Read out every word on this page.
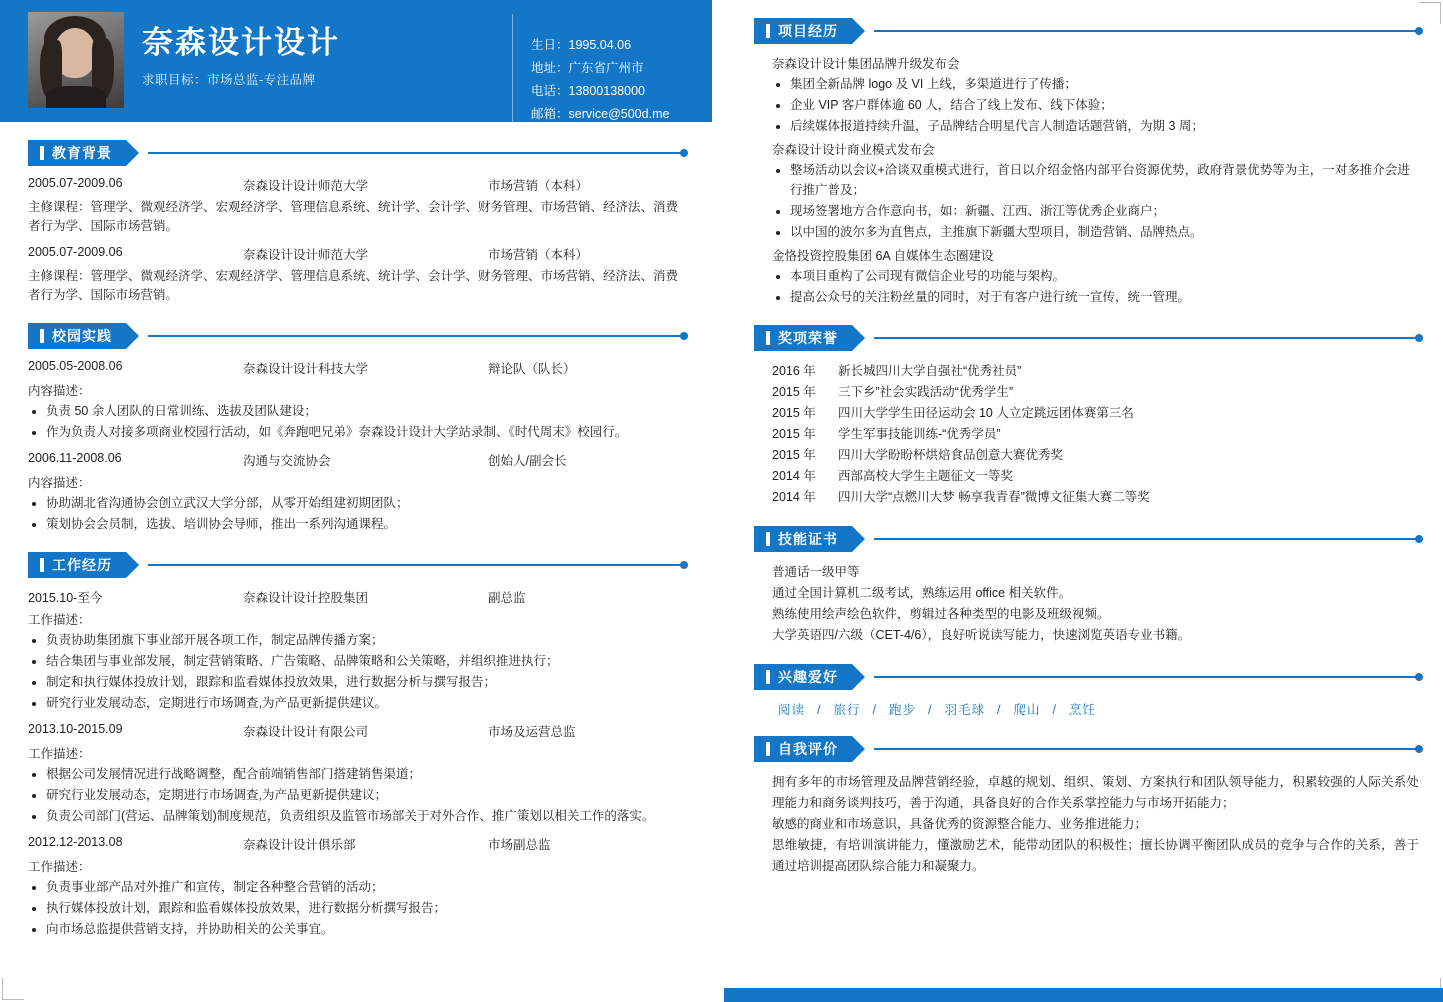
奈森设计设计
求职目标：市场总监-专注品牌
生日：1995.04.06
地址：广东省广州市
电话：13800138000
邮箱：service@500d.me
教育背景
2005.07-2009.06	奈森设计设计师范大学	市场营销（本科）
主修课程：管理学、微观经济学、宏观经济学、管理信息系统、统计学、会计学、财务管理、市场营销、经济法、消费者行为学、国际市场营销。
2005.07-2009.06	奈森设计设计师范大学	市场营销（本科）
主修课程：管理学、微观经济学、宏观经济学、管理信息系统、统计学、会计学、财务管理、市场营销、经济法、消费者行为学、国际市场营销。
校园实践
2005.05-2008.06	奈森设计设计科技大学	辩论队（队长）
内容描述：
• 负责 50 余人团队的日常训练、选拔及团队建设；
• 作为负责人对接多项商业校园行活动，如《奔跑吧兄弟》奈森设计设计大学站录制、《时代周末》校园行。
2006.11-2008.06	沟通与交流协会	创始人/副会长
内容描述：
• 协助湖北省沟通协会创立武汉大学分部，从零开始组建初期团队；
• 策划协会会员制，选拔、培训协会导师，推出一系列沟通课程。
工作经历
2015.10-至今	奈森设计设计控股集团	副总监
工作描述：
• 负责协助集团旗下事业部开展各项工作，制定品牌传播方案；
• 结合集团与事业部发展，制定营销策略、广告策略、品牌策略和公关策略，并组织推进执行；
• 制定和执行媒体投放计划，跟踪和监看媒体投放效果，进行数据分析与撰写报告；
• 研究行业发展动态，定期进行市场调查,为产品更新提供建议。
2013.10-2015.09	奈森设计设计有限公司	市场及运营总监
工作描述：
• 根据公司发展情况进行战略调整，配合前端销售部门搭建销售渠道；
• 研究行业发展动态，定期进行市场调查,为产品更新提供建议；
• 负责公司部门(营运、品牌策划)制度规范，负责组织及监管市场部关于对外合作、推广策划以相关工作的落实。
2012.12-2013.08	奈森设计设计俱乐部	市场副总监
工作描述：
• 负责事业部产品对外推广和宣传，制定各种整合营销的活动；
• 执行媒体投放计划，跟踪和监看媒体投放效果，进行数据分析撰写报告；
• 向市场总监提供营销支持，并协助相关的公关事宜。
项目经历
奈森设计设计集团品牌升级发布会
• 集团全新品牌 logo 及 VI 上线，多渠道进行了传播；
• 企业 VIP 客户群体逾 60 人，结合了线上发布、线下体验；
• 后续媒体报道持续升温，子品牌结合明星代言人制造话题营销，为期 3 周；
奈森设计设计商业模式发布会
• 整场活动以会议+洽谈双重模式进行，首日以介绍金恪内部平台资源优势，政府背景优势等为主，一对多推介会进行推广普及；
• 现场签署地方合作意向书，如：新疆、江西、浙江等优秀企业商户；
• 以中国的波尔多为直售点，主推旗下新疆大型项目，制造营销、品牌热点。
金恪投资控股集团 6A 自媒体生态圈建设
• 本项目重构了公司现有微信企业号的功能与架构。
• 提高公众号的关注粉丝量的同时，对于有客户进行统一宣传，统一管理。
奖项荣誉
2016 年	新长城四川大学自强社“优秀社员”
2015 年	三下乡”社会实践活动“优秀学生”
2015 年	四川大学学生田径运动会 10 人立定跳远团体赛第三名
2015 年	学生军事技能训练-“优秀学员”
2015 年	四川大学盼盼杯烘焙食品创意大赛优秀奖
2014 年	西部高校大学生主题征文一等奖
2014 年	四川大学“点燃川大梦 畅享我青春”微博文征集大赛二等奖
技能证书
普通话一级甲等
通过全国计算机二级考试，熟练运用 office 相关软件。
熟练使用绘声绘色软件，剪辑过各种类型的电影及班级视频。
大学英语四/六级（CET-4/6），良好听说读写能力，快速浏览英语专业书籍。
兴趣爱好
阅读 / 旅行 / 跑步 / 羽毛球 / 爬山 / 烹饪
自我评价
拥有多年的市场管理及品牌营销经验，卓越的规划、组织、策划、方案执行和团队领导能力，积累较强的人际关系处理能力和商务谈判技巧，善于沟通，具备良好的合作关系掌控能力与市场开拓能力；
敏感的商业和市场意识，具备优秀的资源整合能力、业务推进能力；
思维敏捷，有培训演讲能力，懂激励艺术，能带动团队的积极性；擅长协调平衡团队成员的竞争与合作的关系，善于通过培训提高团队综合能力和凝聚力。
